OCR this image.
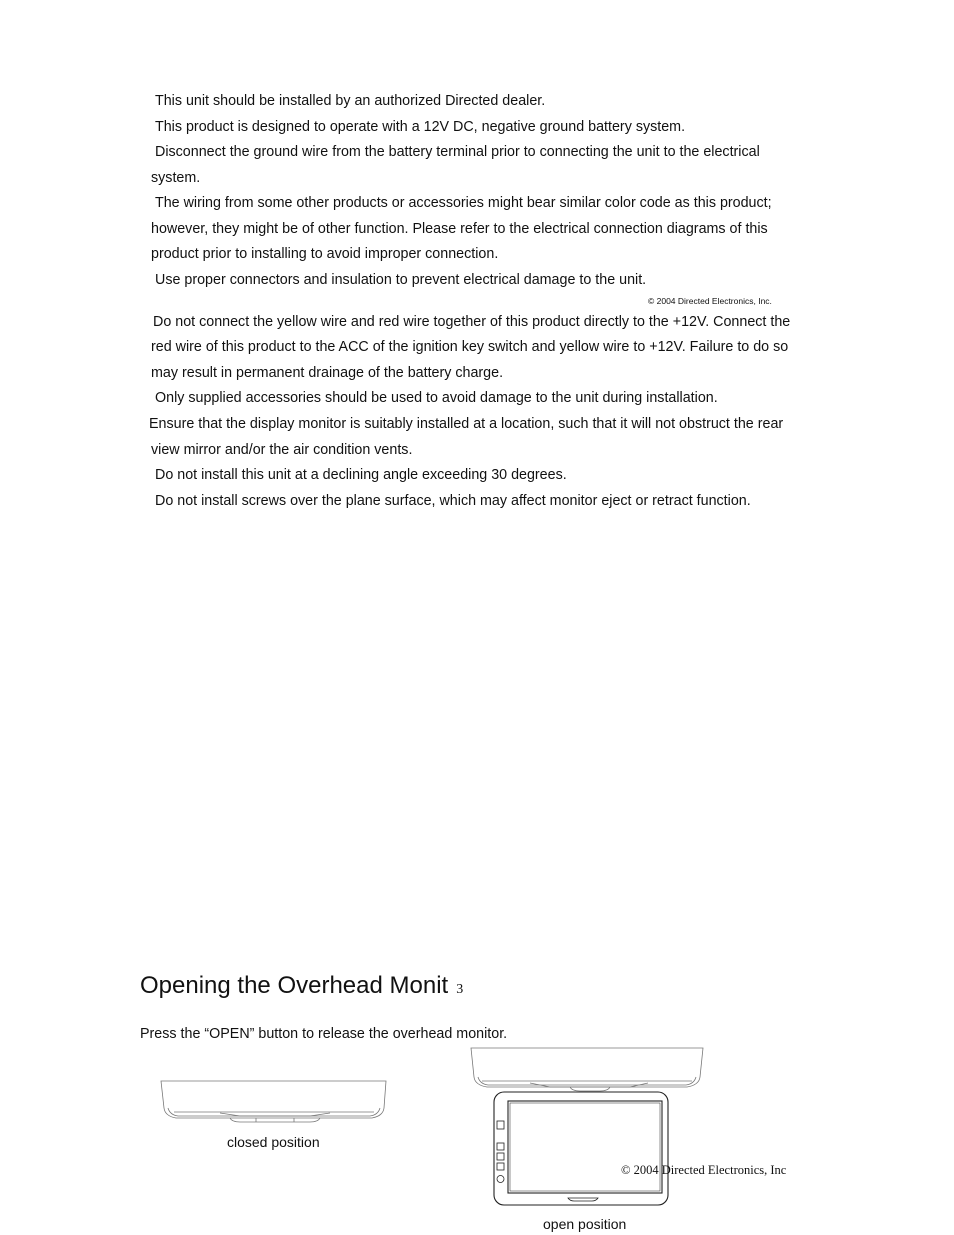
This unit should be installed by an authorized Directed dealer.
This product is designed to operate with a 12V DC, negative ground battery system.
Disconnect the ground wire from the battery terminal prior to connecting the unit to the electrical
system.
The wiring from some other products or accessories might bear similar color code as this product;
however, they might be of other function. Please refer to the electrical connection diagrams of this
product prior to installing to avoid improper connection.
Use proper connectors and insulation to prevent electrical damage to the unit.
© 2004 Directed Electronics, Inc.
Do not connect the yellow wire and red wire together of this product directly to the +12V. Connect the
red wire of this product to the ACC of the ignition key switch and yellow wire to +12V. Failure to do so
may result in permanent drainage of the battery charge.
Only supplied accessories should be used to avoid damage to the unit during installation.
Ensure that the display monitor is suitably installed at a location, such that it will not obstruct the rear
view mirror and/or the air condition vents.
Do not install this unit at a declining angle exceeding 30 degrees.
Do not install screws over the plane surface, which may affect monitor eject or retract function.
Opening the Overhead Monit 3
Press the “OPEN” button to release the overhead monitor.
closed position
© 2004 Directed Electronics, Inc
open position
